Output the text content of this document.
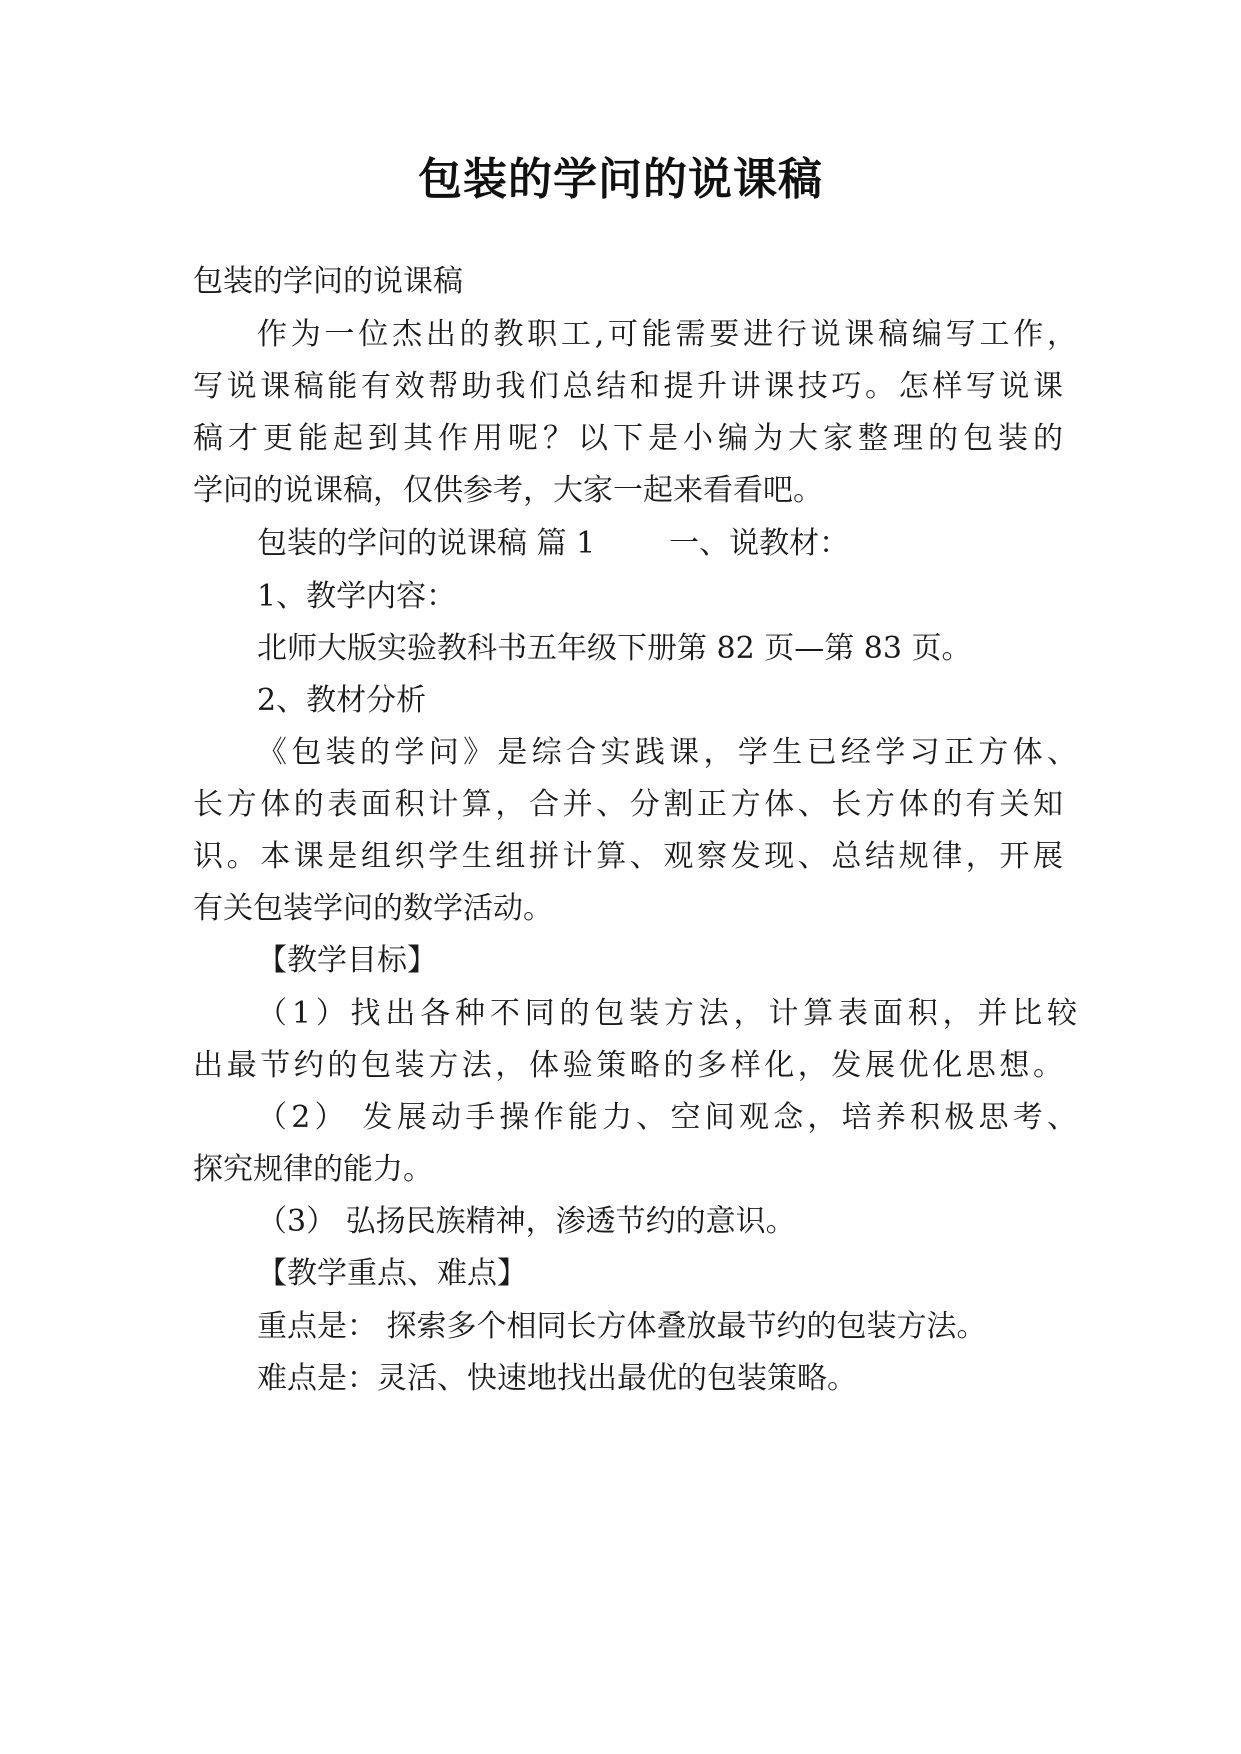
包装的学问的说课稿
包装的学问的说课稿
作为一位杰出的教职工,可能需要进行说课稿编写工作，
写说课稿能有效帮助我们总结和提升讲课技巧。怎样写说课
稿才更能起到其作用呢？以下是小编为大家整理的包装的
学问的说课稿，仅供参考，大家一起来看看吧。
包装的学问的说课稿 篇 1 一、说教材：
1、教学内容：
北师大版实验教科书五年级下册第 82 页—第 83 页。
2、教材分析
《包装的学问》是综合实践课，学生已经学习正方体、
长方体的表面积计算，合并、分割正方体、长方体的有关知
识。本课是组织学生组拼计算、观察发现、总结规律，开展
有关包装学问的数学活动。
【教学目标】
（1）找出各种不同的包装方法，计算表面积，并比较
出最节约的包装方法，体验策略的多样化，发展优化思想。
（2） 发展动手操作能力、空间观念，培养积极思考、
探究规律的能力。
（3） 弘扬民族精神，渗透节约的意识。
【教学重点、难点】
重点是： 探索多个相同长方体叠放最节约的包装方法。
难点是：灵活、快速地找出最优的包装策略。
